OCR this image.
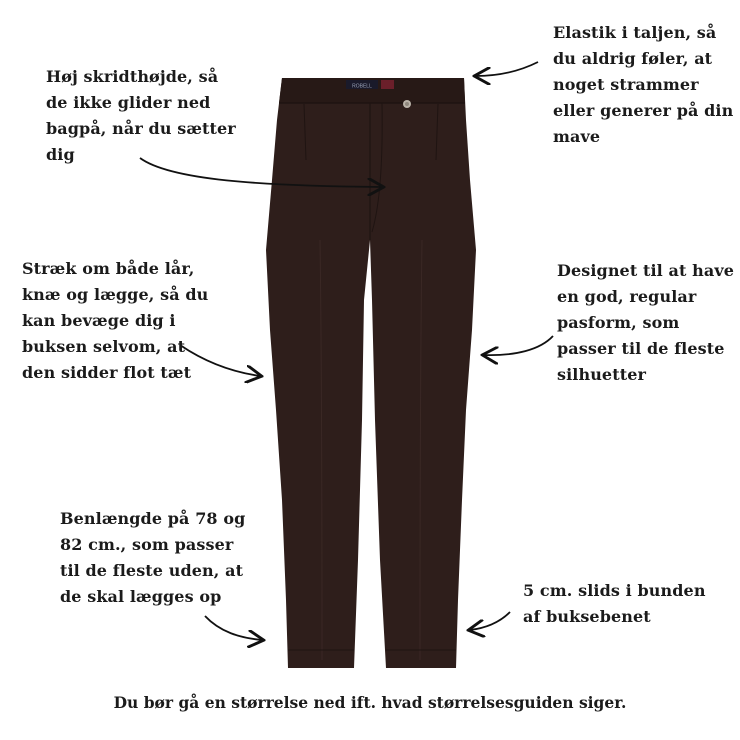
ROBELL
Høj skridthøjde, så
de ikke glider ned
bagpå, når du sætter
dig
Elastik i taljen, så
du aldrig føler, at
noget strammer
eller generer på din
mave
Stræk om både lår,
knæ og lægge, så du
kan bevæge dig i
buksen selvom, at
den sidder flot tæt
Designet til at have
en god, regular
pasform, som
passer til de fleste
silhuetter
Benlængde på 78 og
82 cm., som passer
til de fleste uden, at
de skal lægges op	5 cm. slids i bunden
af buksebenet
Du bør gå en størrelse ned ift. hvad størrelsesguiden siger.
